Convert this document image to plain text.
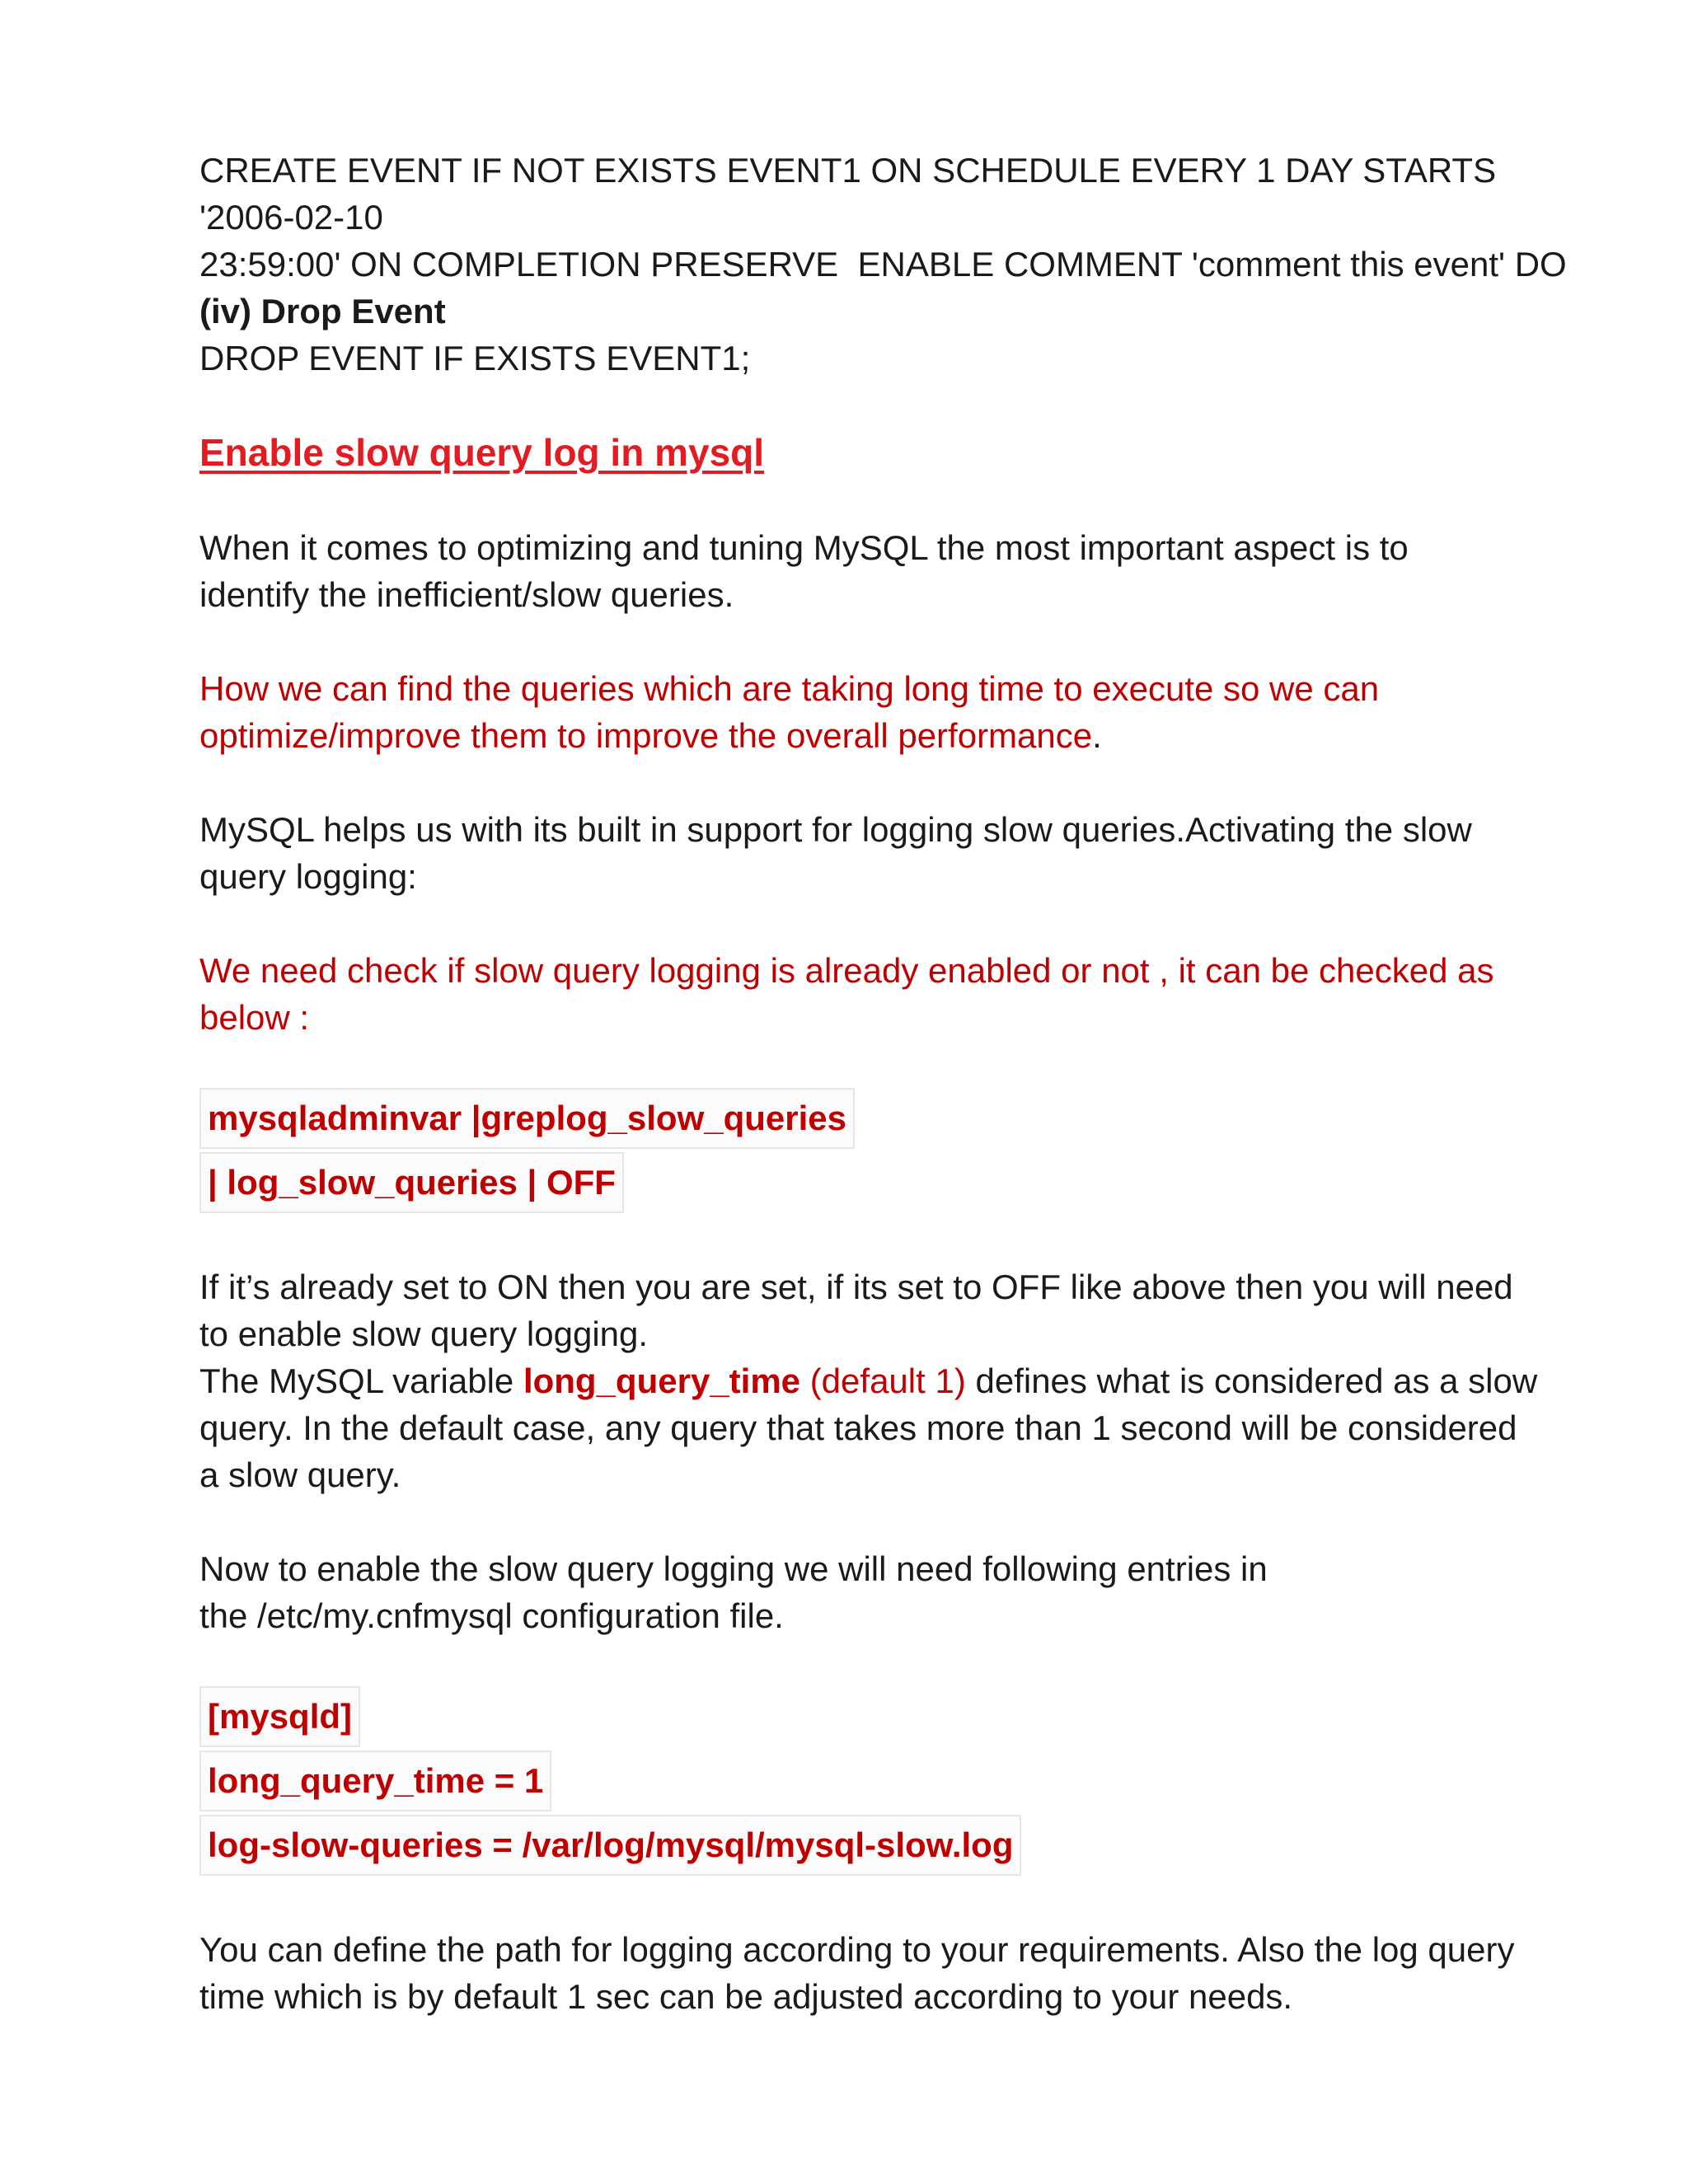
CREATE EVENT IF NOT EXISTS EVENT1 ON SCHEDULE EVERY 1 DAY STARTS '2006-02-10
23:59:00' ON COMPLETION PRESERVE  ENABLE COMMENT 'comment this event' DO
(iv) Drop Event
DROP EVENT IF EXISTS EVENT1;
Enable slow query log in mysql
When it comes to optimizing and tuning MySQL the most important aspect is to
identify the inefficient/slow queries.
How we can find the queries which are taking long time to execute so we can
optimize/improve them to improve the overall performance.
MySQL helps us with its built in support for logging slow queries.Activating the slow
query logging:
We need check if slow query logging is already enabled or not , it can be checked as
below :
mysqladminvar |greplog_slow_queries
| log_slow_queries | OFF
If it’s already set to ON then you are set, if its set to OFF like above then you will need
to enable slow query logging.
The MySQL variable long_query_time (default 1) defines what is considered as a slow
query. In the default case, any query that takes more than 1 second will be considered
a slow query.
Now to enable the slow query logging we will need following entries in
the /etc/my.cnfmysql configuration file.
[mysqld]
long_query_time = 1
log-slow-queries = /var/log/mysql/mysql-slow.log
You can define the path for logging according to your requirements. Also the log query
time which is by default 1 sec can be adjusted according to your needs.
